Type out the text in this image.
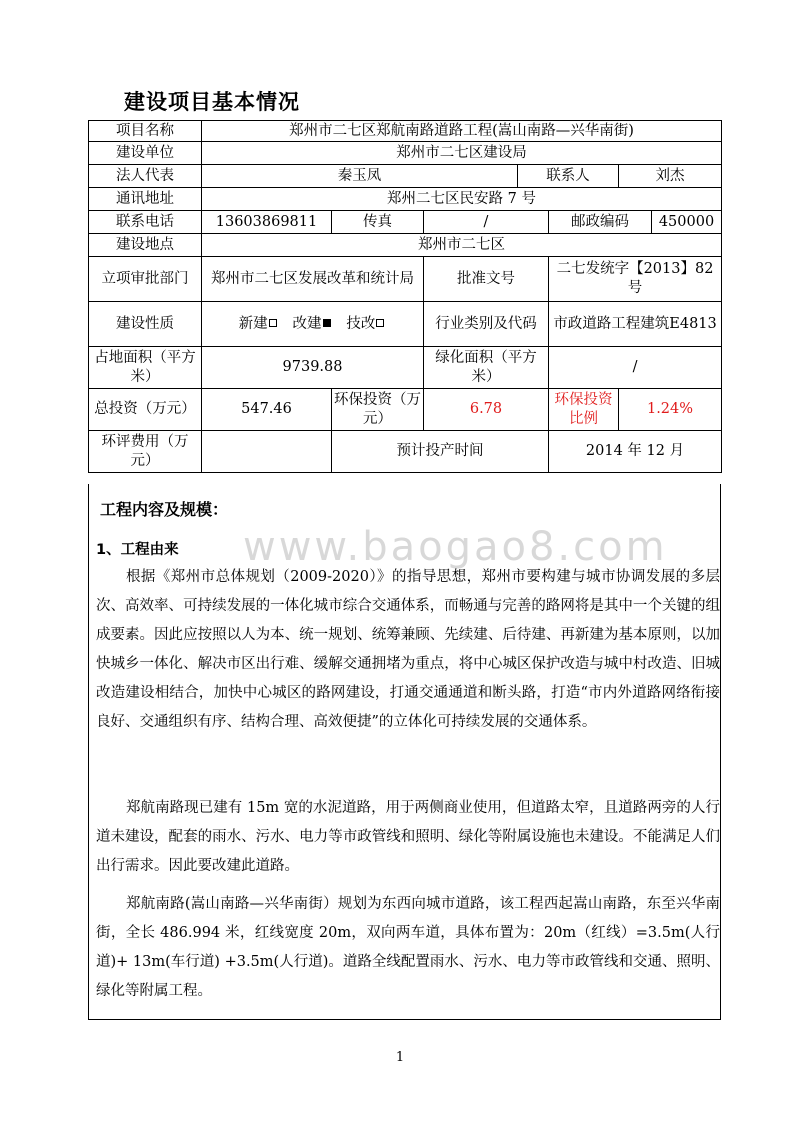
建设项目基本情况
项目名称	郑州市二七区郑航南路道路工程(嵩山南路—兴华南街)						
建设单位	郑州市二七区建设局						
法人代表	秦玉凤			联系人		刘杰	
通讯地址	郑州二七区民安路 7 号						
联系电话	13603869811	传真	/		邮政编码		450000
建设地点	郑州市二七区						
立项审批部门	郑州市二七区发展改革和统计局		批准文号		二七发统字【2013】82号		
建设性质	新建 改建 技改		行业类别及代码		市政道路工程建筑E4813		
占地面积（平方米）	9739.88		绿化面积（平方米）		/		
总投资（万元）	547.46	环保投资（万元）	6.78		环保投资比例	1.24%	
环评费用（万元）		预计投产时间			2014 年 12 月		
www.baogao8.com
工程内容及规模：
1、工程由来
根据《郑州市总体规划（2009-2020）》的指导思想，郑州市要构建与城市协调发展的多层次、高效率、可持续发展的一体化城市综合交通体系，而畅通与完善的路网将是其中一个关键的组成要素。因此应按照以人为本、统一规划、统筹兼顾、先续建、后待建、再新建为基本原则，以加快城乡一体化、解决市区出行难、缓解交通拥堵为重点，将中心城区保护改造与城中村改造、旧城改造建设相结合，加快中心城区的路网建设，打通交通通道和断头路，打造“市内外道路网络衔接良好、交通组织有序、结构合理、高效便捷”的立体化可持续发展的交通体系。
郑航南路现已建有 15m 宽的水泥道路，用于两侧商业使用，但道路太窄，且道路两旁的人行道未建设，配套的雨水、污水、电力等市政管线和照明、绿化等附属设施也未建设。不能满足人们出行需求。因此要改建此道路。
郑航南路(嵩山南路—兴华南街）规划为东西向城市道路，该工程西起嵩山南路，东至兴华南街，全长 486.994 米，红线宽度 20m，双向两车道，具体布置为：20m（红线）=3.5m(人行道)+ 13m(车行道) +3.5m(人行道)。道路全线配置雨水、污水、电力等市政管线和交通、照明、绿化等附属工程。
1
